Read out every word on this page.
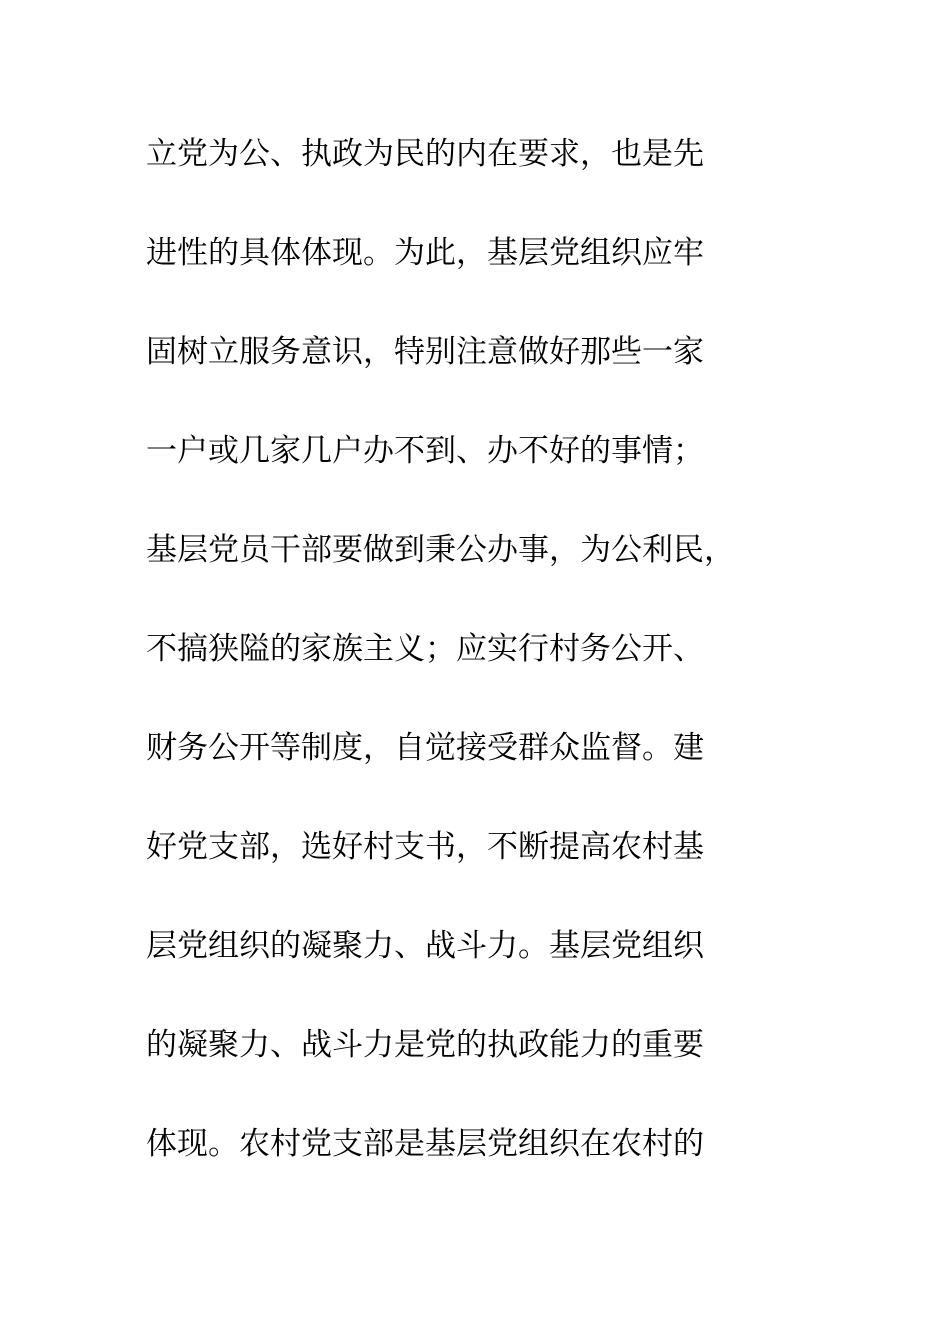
立党为公、执政为民的内在要求，也是先
进性的具体体现。为此，基层党组织应牢
固树立服务意识，特别注意做好那些一家
一户或几家几户办不到、办不好的事情；
基层党员干部要做到秉公办事，为公利民，
不搞狭隘的家族主义；应实行村务公开、
财务公开等制度，自觉接受群众监督。建
好党支部，选好村支书，不断提高农村基
层党组织的凝聚力、战斗力。基层党组织
的凝聚力、战斗力是党的执政能力的重要
体现。农村党支部是基层党组织在农村的
